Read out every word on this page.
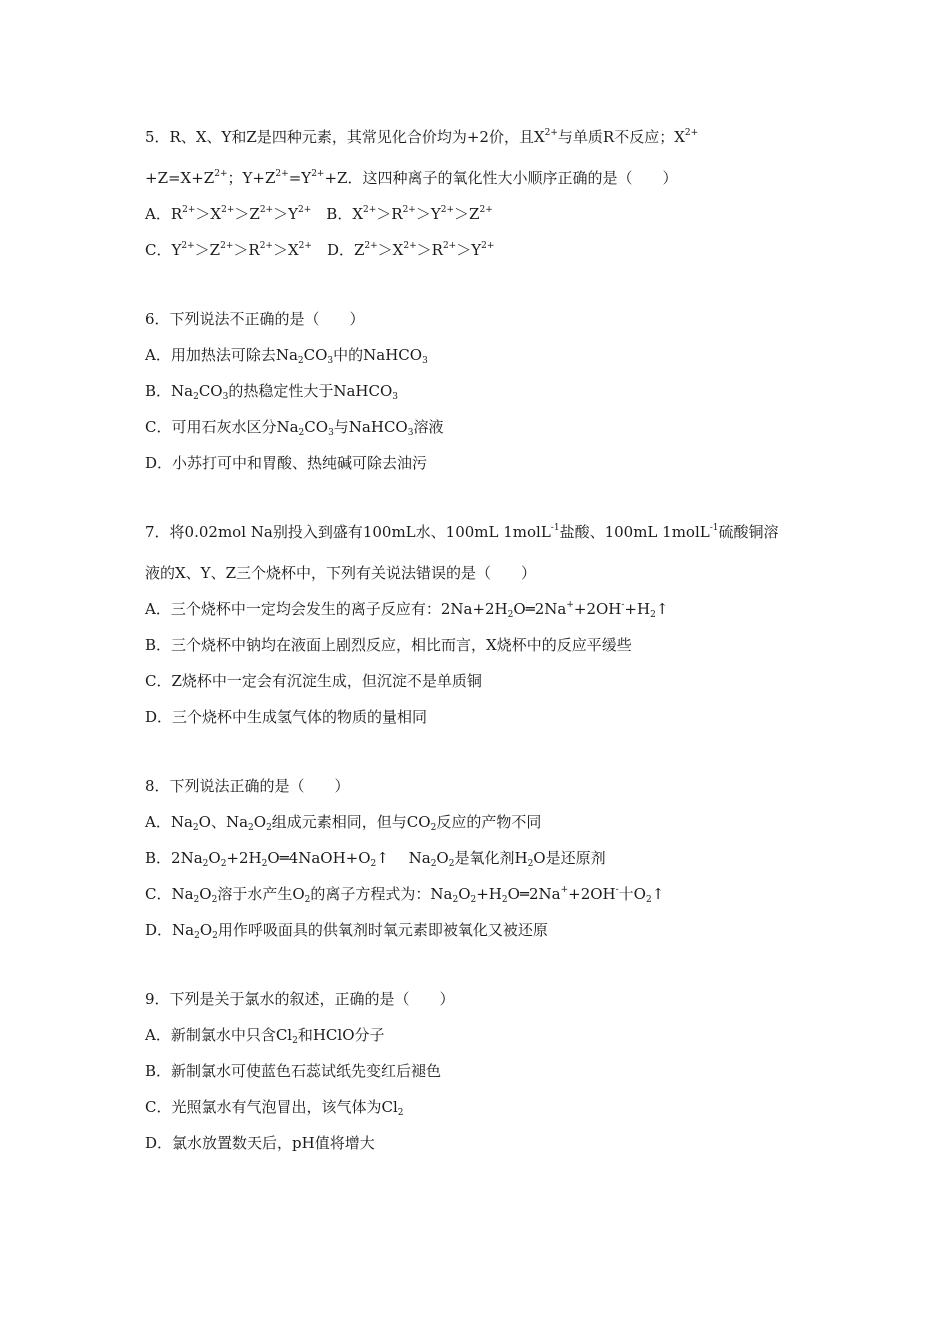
5．R、X、Y和Z是四种元素，其常见化合价均为+2价，且$X^{2+}$与单质R不反应；$X^{2+}$
$+Z=X+Z^{2+}$；$Y+Z^{2+}=Y^{2+}+Z$．这四种离子的氧化性大小顺序正确的是（　　）
A．$R^{2+}>X^{2+}>Z^{2+}>Y^{2+}$　B．$X^{2+}>R^{2+}>Y^{2+}>Z^{2+}$
C．$Y^{2+}>Z^{2+}>R^{2+}>X^{2+}$　D．$Z^{2+}>X^{2+}>R^{2+}>Y^{2+}$
6．下列说法不正确的是（　　）
A．用加热法可除去$Na_2CO_3$中的NaHCO$_3$
B．$Na_2CO_3$的热稳定性大于NaHCO$_3$
C．可用石灰水区分$Na_2CO_3$与NaHCO$_3$溶液
D．小苏打可中和胃酸、热纯碱可除去油污
7．将0.02mol Na别投入到盛有100mL水、100mL 1molL$^{-1}$盐酸、100mL 1molL$^{-1}$硫酸铜溶
液的X、Y、Z三个烧杯中，下列有关说法错误的是（　　）
A．三个烧杯中一定均会发生的离子反应有：$2Na+2H_2O═2Na^++2OH^-+H_2↑$
B．三个烧杯中钠均在液面上剧烈反应，相比而言，X烧杯中的反应平缓些
C．Z烧杯中一定会有沉淀生成，但沉淀不是单质铜
D．三个烧杯中生成氢气体的物质的量相同
8．下列说法正确的是（　　）
A．$Na_2O$、$Na_2O_2$组成元素相同，但与$CO_2$反应的产物不同
B．$2Na_2O_2+2H_2O═4NaOH+O_2↑$　 $Na_2O_2$是氧化剂$H_2O$是还原剂
C．$Na_2O_2$溶于水产生$O_2$的离子方程式为：$Na_2O_2+H_2O═2Na^++2OH^-$十$O_2↑$
D．$Na_2O_2$用作呼吸面具的供氧剂时氧元素即被氧化又被还原
9．下列是关于氯水的叙述，正确的是（　　）
A．新制氯水中只含$Cl_2$和HClO分子
B．新制氯水可使蓝色石蕊试纸先变红后褪色
C．光照氯水有气泡冒出，该气体为$Cl_2$
D．氯水放置数天后，pH值将增大
